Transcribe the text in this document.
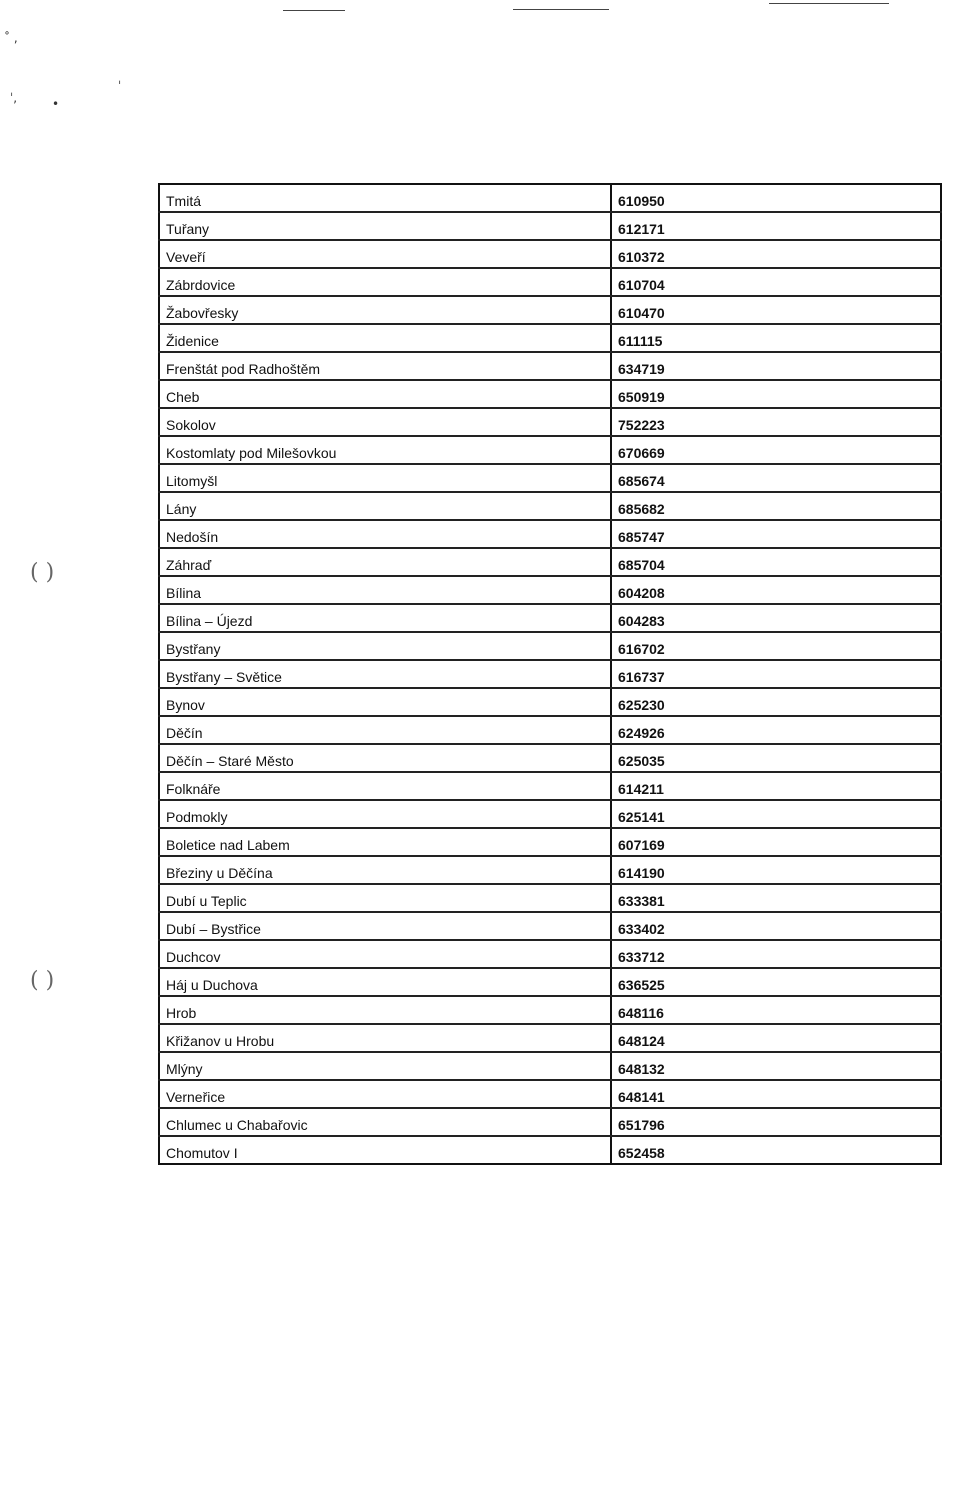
˚ ,
ˈ
ˈ,	•
( )
( )
Tmitá	610950
Tuřany	612171
Veveří	610372
Zábrdovice	610704
Žabovřesky	610470
Židenice	611115
Frenštát pod Radhoštěm	634719
Cheb	650919
Sokolov	752223
Kostomlaty pod Milešovkou	670669
Litomyšl	685674
Lány	685682
Nedošín	685747
Záhraď	685704
Bílina	604208
Bílina – Újezd	604283
Bystřany	616702
Bystřany – Světice	616737
Bynov	625230
Děčín	624926
Děčín – Staré Město	625035
Folknáře	614211
Podmokly	625141
Boletice nad Labem	607169
Březiny u Děčína	614190
Dubí u Teplic	633381
Dubí – Bystřice	633402
Duchcov	633712
Háj u Duchova	636525
Hrob	648116
Křižanov u Hrobu	648124
Mlýny	648132
Verneřice	648141
Chlumec u Chabařovic	651796
Chomutov I	652458
